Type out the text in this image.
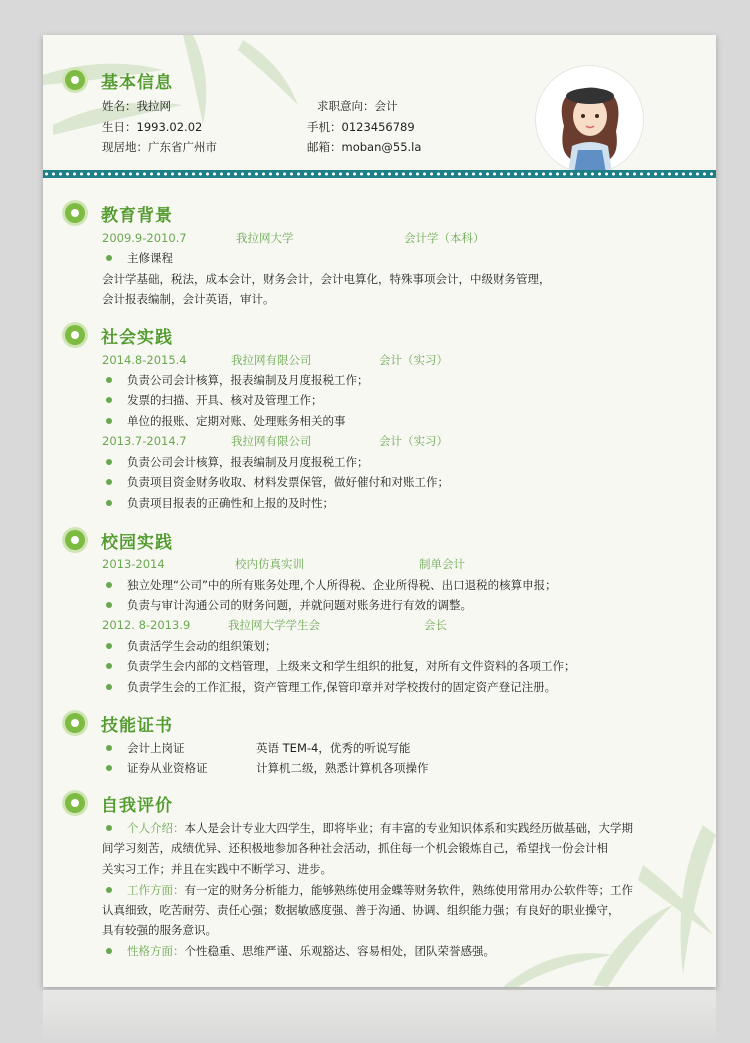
基本信息
姓名：我拉网	求职意向：会计
生日：1993.02.02	手机：0123456789
现居地：广东省广州市	邮箱：moban@55.la
教育背景
2009.9-2010.7	我拉网大学	会计学（本科）
主修课程
会计学基础，税法，成本会计，财务会计，会计电算化，特殊事项会计，中级财务管理，
会计报表编制，会计英语，审计。
社会实践
2014.8-2015.4	我拉网有限公司	会计（实习）
负责公司会计核算，报表编制及月度报税工作；
发票的扫描、开具、核对及管理工作；
单位的报账、定期对账、处理账务相关的事
2013.7-2014.7	我拉网有限公司	会计（实习）
负责公司会计核算，报表编制及月度报税工作；
负责项目资金财务收取、材料发票保管，做好催付和对账工作；
负责项目报表的正确性和上报的及时性；
校园实践
2013-2014	校内仿真实训	制单会计
独立处理“公司”中的所有账务处理,个人所得税、企业所得税、出口退税的核算申报；
负责与审计沟通公司的财务问题，并就问题对账务进行有效的调整。
2012. 8-2013.9	我拉网大学学生会	会长
负责活学生会动的组织策划；
负责学生会内部的文档管理，上级来文和学生组织的批复，对所有文件资料的各项工作；
负责学生会的工作汇报，资产管理工作,保管印章并对学校拨付的固定资产登记注册。
技能证书
会计上岗证	英语 TEM-4，优秀的听说写能
证券从业资格证	计算机二级，熟悉计算机各项操作
自我评价
个人介绍：本人是会计专业大四学生，即将毕业；有丰富的专业知识体系和实践经历做基础，大学期
间学习刻苦，成绩优异、还积极地参加各种社会活动，抓住每一个机会锻炼自己，希望找一份会计相
关实习工作；并且在实践中不断学习、进步。
工作方面：有一定的财务分析能力，能够熟练使用金蝶等财务软件，熟练使用常用办公软件等；工作
认真细致，吃苦耐劳、责任心强；数据敏感度强、善于沟通、协调、组织能力强；有良好的职业操守，
具有较强的服务意识。
性格方面：个性稳重、思维严谨、乐观豁达、容易相处，团队荣誉感强。
